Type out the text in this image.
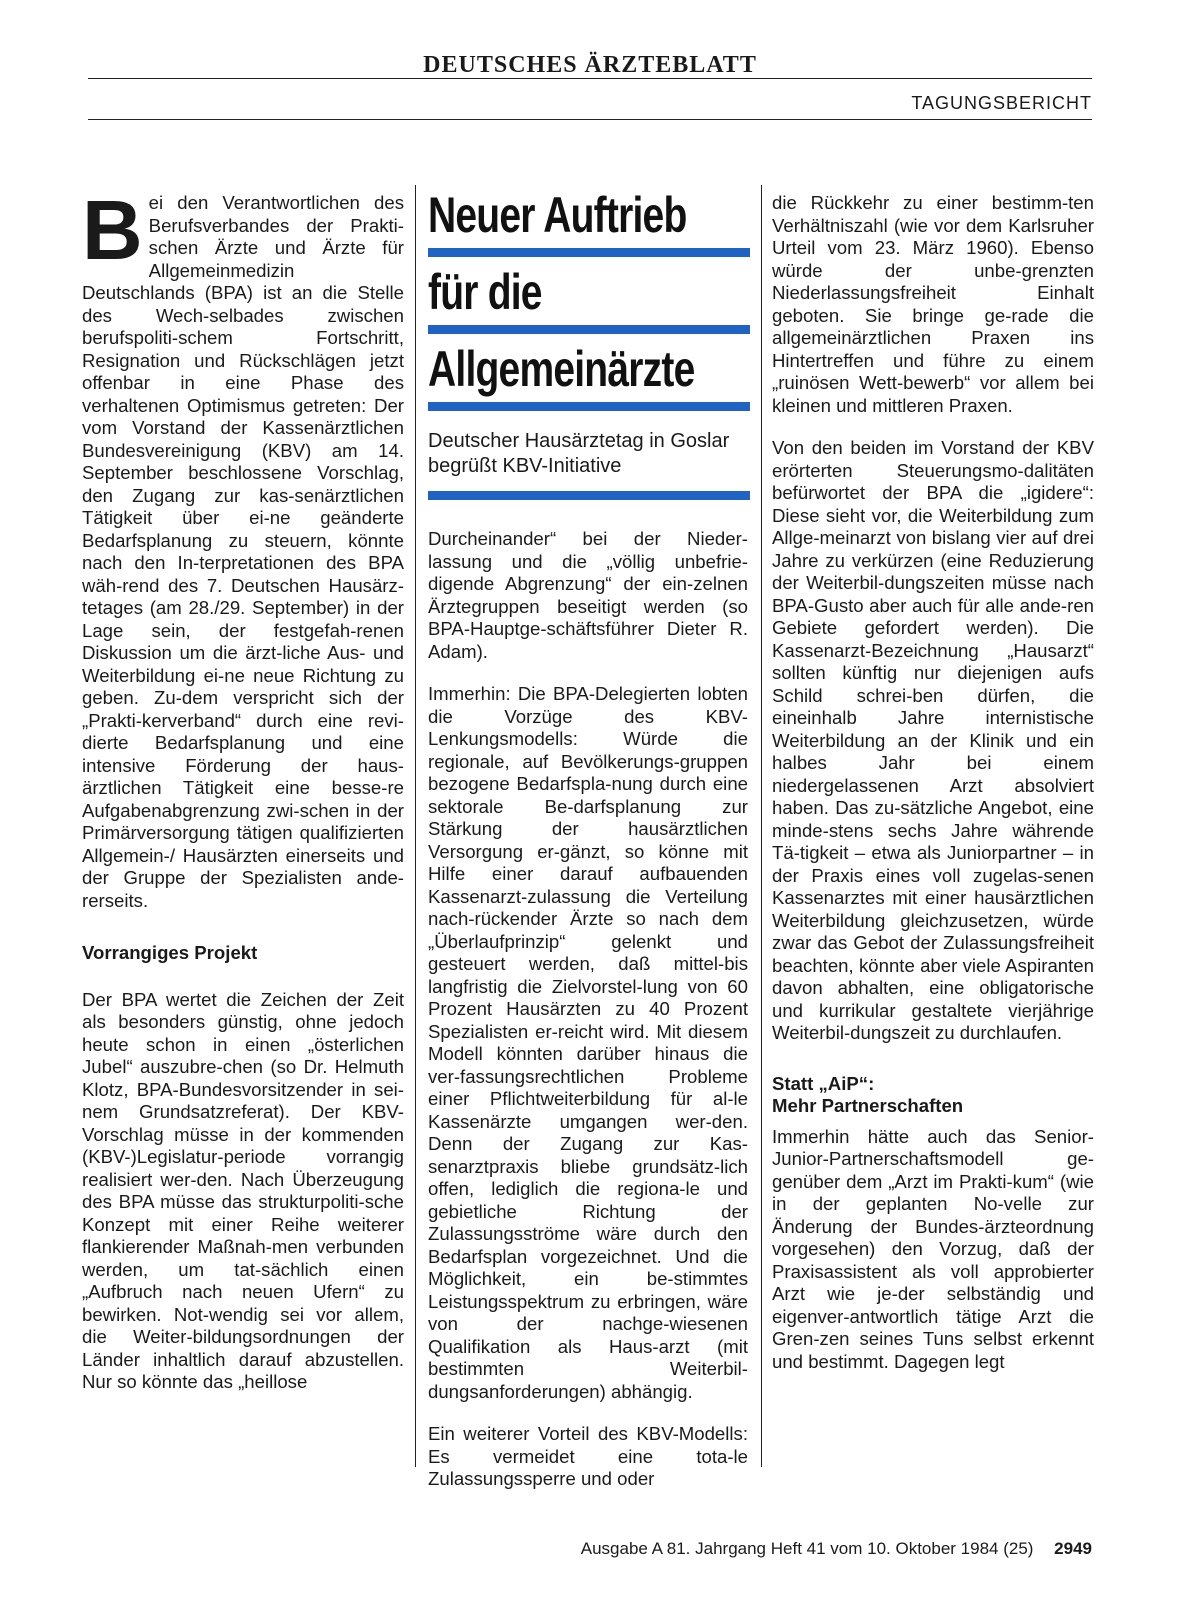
DEUTSCHES ÄRZTEBLATT
TAGUNGSBERICHT

Bei den Verantwortlichen des Berufsverbandes der Prakti-schen Ärzte und Ärzte für Allgemeinmedizin Deutschlands (BPA) ist an die Stelle des Wech-selbades zwischen berufspoliti-schem Fortschritt, Resignation und Rückschlägen jetzt offenbar in eine Phase des verhaltenen Optimismus getreten: Der vom Vorstand der Kassenärztlichen Bundesvereinigung (KBV) am 14. September beschlossene Vorschlag, den Zugang zur kas-senärztlichen Tätigkeit über ei-ne geänderte Bedarfsplanung zu steuern, könnte nach den In-terpretationen des BPA wäh-rend des 7. Deutschen Hausärz-tetages (am 28./29. September) in der Lage sein, der festgefah-renen Diskussion um die ärzt-liche Aus- und Weiterbildung ei-ne neue Richtung zu geben. Zu-dem verspricht sich der „Prakti-kerverband“ durch eine revi-dierte Bedarfsplanung und eine intensive Förderung der haus-ärztlichen Tätigkeit eine besse-re Aufgabenabgrenzung zwi-schen in der Primärversorgung tätigen qualifizierten Allgemein-/ Hausärzten einerseits und der Gruppe der Spezialisten ande-rerseits.

Vorrangiges Projekt

Der BPA wertet die Zeichen der Zeit als besonders günstig, ohne jedoch heute schon in einen „österlichen Jubel“ auszubre-chen (so Dr. Helmuth Klotz, BPA-Bundesvorsitzender in sei-nem Grundsatzreferat). Der KBV-Vorschlag müsse in der kommenden (KBV-)Legislatur-periode vorrangig realisiert wer-den. Nach Überzeugung des BPA müsse das strukturpoliti-sche Konzept mit einer Reihe weiterer flankierender Maßnah-men verbunden werden, um tat-sächlich einen „Aufbruch nach neuen Ufern“ zu bewirken. Not-wendig sei vor allem, die Weiter-bildungsordnungen der Länder inhaltlich darauf abzustellen. Nur so könnte das „heillose

Neuer Auftrieb
für die
Allgemeinärzte
Deutscher Hausärztetag in Goslar begrüßt KBV-Initiative

Durcheinander“ bei der Nieder-lassung und die „völlig unbefrie-digende Abgrenzung“ der ein-zelnen Ärztegruppen beseitigt werden (so BPA-Hauptge-schäftsführer Dieter R. Adam).

Immerhin: Die BPA-Delegierten lobten die Vorzüge des KBV-Lenkungsmodells: Würde die regionale, auf Bevölkerungs-gruppen bezogene Bedarfspla-nung durch eine sektorale Be-darfsplanung zur Stärkung der hausärztlichen Versorgung er-gänzt, so könne mit Hilfe einer darauf aufbauenden Kassenarzt-zulassung die Verteilung nach-rückender Ärzte so nach dem „Überlaufprinzip“ gelenkt und gesteuert werden, daß mittel-bis langfristig die Zielvorstel-lung von 60 Prozent Hausärzten zu 40 Prozent Spezialisten er-reicht wird. Mit diesem Modell könnten darüber hinaus die ver-fassungsrechtlichen Probleme einer Pflichtweiterbildung für al-le Kassenärzte umgangen wer-den. Denn der Zugang zur Kas-senarztpraxis bliebe grundsätz-lich offen, lediglich die regiona-le und gebietliche Richtung der Zulassungsströme wäre durch den Bedarfsplan vorgezeichnet. Und die Möglichkeit, ein be-stimmtes Leistungsspektrum zu erbringen, wäre von der nachge-wiesenen Qualifikation als Haus-arzt (mit bestimmten Weiterbil-dungsanforderungen) abhängig.

Ein weiterer Vorteil des KBV-Modells: Es vermeidet eine tota-le Zulassungssperre und oder

die Rückkehr zu einer bestimm-ten Verhältniszahl (wie vor dem Karlsruher Urteil vom 23. März 1960). Ebenso würde der unbe-grenzten Niederlassungsfreiheit Einhalt geboten. Sie bringe ge-rade die allgemeinärztlichen Praxen ins Hintertreffen und führe zu einem „ruinösen Wett-bewerb“ vor allem bei kleinen und mittleren Praxen.

Von den beiden im Vorstand der KBV erörterten Steuerungsmo-dalitäten befürwortet der BPA die „igidere“: Diese sieht vor, die Weiterbildung zum Allge-meinarzt von bislang vier auf drei Jahre zu verkürzen (eine Reduzierung der Weiterbil-dungszeiten müsse nach BPA-Gusto aber auch für alle ande-ren Gebiete gefordert werden). Die Kassenarzt-Bezeichnung „Hausarzt“ sollten künftig nur diejenigen aufs Schild schrei-ben dürfen, die eineinhalb Jahre internistische Weiterbildung an der Klinik und ein halbes Jahr bei einem niedergelassenen Arzt absolviert haben. Das zu-sätzliche Angebot, eine minde-stens sechs Jahre währende Tä-tigkeit – etwa als Juniorpartner – in der Praxis eines voll zugelas-senen Kassenarztes mit einer hausärztlichen Weiterbildung gleichzusetzen, würde zwar das Gebot der Zulassungsfreiheit beachten, könnte aber viele Aspiranten davon abhalten, eine obligatorische und kurrikular gestaltete vierjährige Weiterbil-dungszeit zu durchlaufen.

Statt „AiP“:
Mehr Partnerschaften

Immerhin hätte auch das Senior-Junior-Partnerschaftsmodell ge-genüber dem „Arzt im Prakti-kum“ (wie in der geplanten No-velle zur Änderung der Bundes-ärzteordnung vorgesehen) den Vorzug, daß der Praxisassistent als voll approbierter Arzt wie je-der selbständig und eigenver-antwortlich tätige Arzt die Gren-zen seines Tuns selbst erkennt und bestimmt. Dagegen legt

Ausgabe A 81. Jahrgang Heft 41 vom 10. Oktober 1984 (25) 2949
